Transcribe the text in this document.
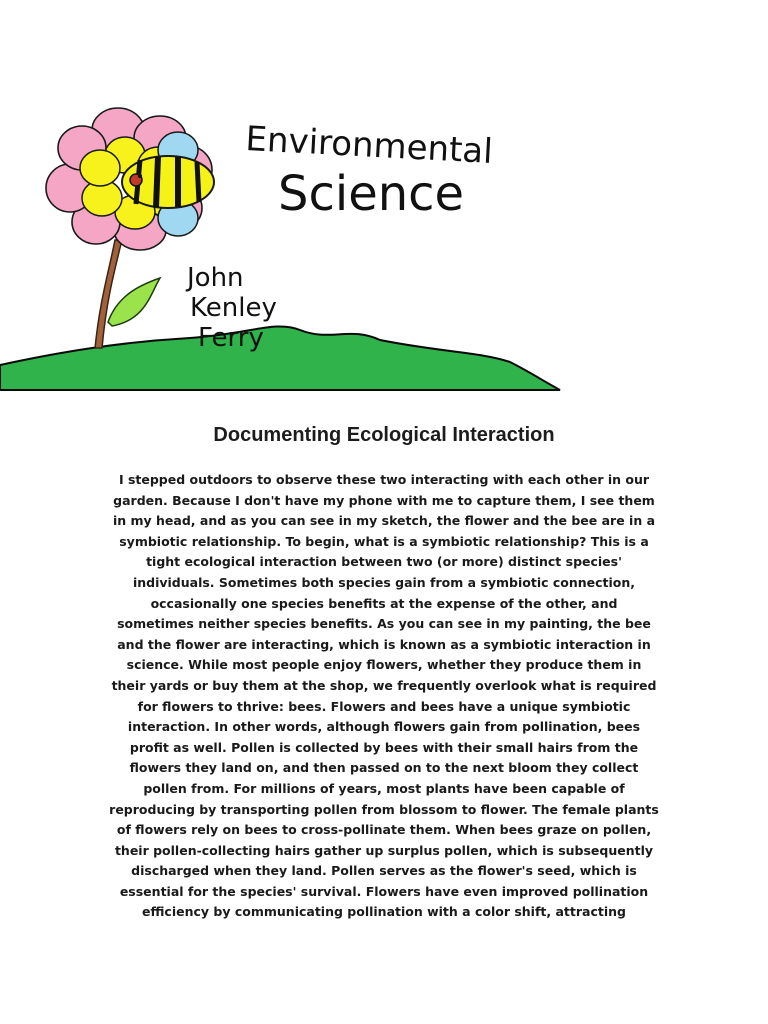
Environmental
Science
John
Kenley
Ferry
Documenting Ecological Interaction
I stepped outdoors to observe these two interacting with each other in our
garden. Because I don't have my phone with me to capture them, I see them
in my head, and as you can see in my sketch, the flower and the bee are in a
symbiotic relationship. To begin, what is a symbiotic relationship? This is a
tight ecological interaction between two (or more) distinct species'
individuals. Sometimes both species gain from a symbiotic connection,
occasionally one species benefits at the expense of the other, and
sometimes neither species benefits. As you can see in my painting, the bee
and the flower are interacting, which is known as a symbiotic interaction in
science. While most people enjoy flowers, whether they produce them in
their yards or buy them at the shop, we frequently overlook what is required
for flowers to thrive: bees. Flowers and bees have a unique symbiotic
interaction. In other words, although flowers gain from pollination, bees
profit as well. Pollen is collected by bees with their small hairs from the
flowers they land on, and then passed on to the next bloom they collect
pollen from. For millions of years, most plants have been capable of
reproducing by transporting pollen from blossom to flower. The female plants
of flowers rely on bees to cross-pollinate them. When bees graze on pollen,
their pollen-collecting hairs gather up surplus pollen, which is subsequently
discharged when they land. Pollen serves as the flower's seed, which is
essential for the species' survival. Flowers have even improved pollination
efficiency by communicating pollination with a color shift, attracting
